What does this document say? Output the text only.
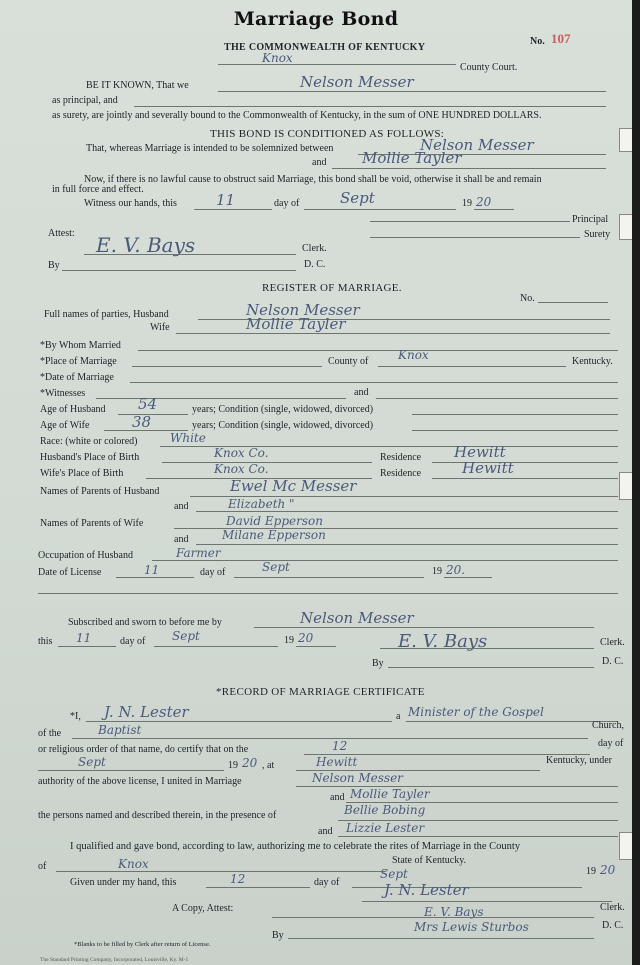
Marriage Bond
THE COMMONWEALTH OF KENTUCKY
No. 107
Knox
County Court.
BE IT KNOWN, That we	Nelson Messer
as principal, and
as surety, are jointly and severally bound to the Commonwealth of Kentucky, in the sum of ONE HUNDRED DOLLARS.
THIS BOND IS CONDITIONED AS FOLLOWS:
That, whereas Marriage is intended to be solemnized between	Nelson Messer
and Mollie Tayler
Now, if there is no lawful cause to obstruct said Marriage, this bond shall be void, otherwise it shall be and remain
in full force and effect.
Witness our hands, this	11	day of	Sept	19 20
Principal
Surety
Attest: E. V. Bays	Clerk.
By	D. C.
REGISTER OF MARRIAGE.
No.
Full names of parties, Husband	Nelson Messer
Wife	Mollie Tayler
*By Whom Married
*Place of Marriage	County of Knox	Kentucky.
*Date of Marriage
*Witnesses	and
Age of Husband 54	years; Condition (single, widowed, divorced)
Age of Wife	38	years; Condition (single, widowed, divorced)
Race: (white or colored)	White
Husband's Place of Birth	Knox Co.	Residence Hewitt
Wife's Place of Birth	Knox Co.	Residence	Hewitt
Names of Parents of Husband	Ewel Mc Messer
and	Elizabeth "
Names of Parents of Wife	David Epperson
and	Milane Epperson
Occupation of Husband	Farmer
Date of License	11	day of	Sept	19 20.
Subscribed and sworn to before me by	Nelson Messer
this 11	day of Sept	19 20	E. V. Bays	Clerk.
By	D. C.
*RECORD OF MARRIAGE CERTIFICATE
*I, J. N. Lester	a Minister of the Gospel
of the	Baptist	Church,
or religious order of that name, do certify that on the	12	day of
Sept	19 20 , at	Hewitt	Kentucky, under
authority of the above license, I united in Marriage	Nelson Messer
and Mollie Tayler
the persons named and described therein, in the presence of	Bellie Bobing
and Lizzie Lester
I qualified and gave bond, according to law, authorizing me to celebrate the rites of Marriage in the County
of	Knox	State of Kentucky.
Given under my hand, this	12	day of
Sept	19 20
J. N. Lester
A Copy, Attest:	E. V. Bays	Clerk.
By
Mrs Lewis Sturbos	D. C.
*Blanks to be filled by Clerk after return of License.
The Standard Printing Company, Incorporated, Louisville, Ky. M-1
